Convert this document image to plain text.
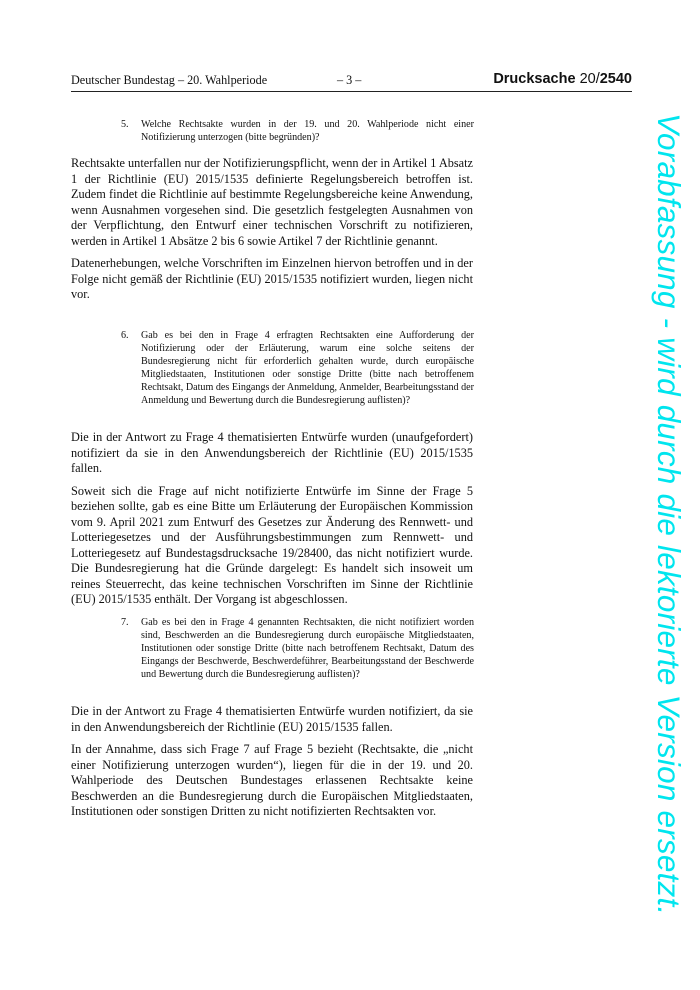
Deutscher Bundestag – 20. Wahlperiode	– 3 –	Drucksache 20/2540
5. Welche Rechtsakte wurden in der 19. und 20. Wahlperiode nicht einer Notifizierung unterzogen (bitte begründen)?

Rechtsakte unterfallen nur der Notifizierungspflicht, wenn der in Artikel 1 Absatz 1 der Richtlinie (EU) 2015/1535 definierte Regelungsbereich betroffen ist. Zudem findet die Richtlinie auf bestimmte Regelungsbereiche keine Anwendung, wenn Ausnahmen vorgesehen sind. Die gesetzlich festgelegten Ausnahmen von der Verpflichtung, den Entwurf einer technischen Vorschrift zu notifizieren, werden in Artikel 1 Absätze 2 bis 6 sowie Artikel 7 der Richtlinie genannt.

Datenerhebungen, welche Vorschriften im Einzelnen hiervon betroffen und in der Folge nicht gemäß der Richtlinie (EU) 2015/1535 notifiziert wurden, liegen nicht vor.

6. Gab es bei den in Frage 4 erfragten Rechtsakten eine Aufforderung der Notifizierung oder der Erläuterung, warum eine solche seitens der Bundesregierung nicht für erforderlich gehalten wurde, durch europäische Mitgliedstaaten, Institutionen oder sonstige Dritte (bitte nach betroffenem Rechtsakt, Datum des Eingangs der Anmeldung, Anmelder, Bearbeitungsstand der Anmeldung und Bewertung durch die Bundesregierung auflisten)?

Die in der Antwort zu Frage 4 thematisierten Entwürfe wurden (unaufgefordert) notifiziert da sie in den Anwendungsbereich der Richtlinie (EU) 2015/1535 fallen.

Soweit sich die Frage auf nicht notifizierte Entwürfe im Sinne der Frage 5 beziehen sollte, gab es eine Bitte um Erläuterung der Europäischen Kommission vom 9. April 2021 zum Entwurf des Gesetzes zur Änderung des Rennwett- und Lotteriegesetzes und der Ausführungsbestimmungen zum Rennwett- und Lotteriegesetz auf Bundestagsdrucksache 19/28400, das nicht notifiziert wurde. Die Bundesregierung hat die Gründe dargelegt: Es handelt sich insoweit um reines Steuerrecht, das keine technischen Vorschriften im Sinne der Richtlinie (EU) 2015/1535 enthält. Der Vorgang ist abgeschlossen.

7. Gab es bei den in Frage 4 genannten Rechtsakten, die nicht notifiziert worden sind, Beschwerden an die Bundesregierung durch europäische Mitgliedstaaten, Institutionen oder sonstige Dritte (bitte nach betroffenem Rechtsakt, Datum des Eingangs der Beschwerde, Beschwerdeführer, Bearbeitungsstand der Beschwerde und Bewertung durch die Bundesregierung auflisten)?

Die in der Antwort zu Frage 4 thematisierten Entwürfe wurden notifiziert, da sie in den Anwendungsbereich der Richtlinie (EU) 2015/1535 fallen.

In der Annahme, dass sich Frage 7 auf Frage 5 bezieht (Rechtsakte, die „nicht einer Notifizierung unterzogen wurden“), liegen für die in der 19. und 20. Wahlperiode des Deutschen Bundestages erlassenen Rechtsakte keine Beschwerden an die Bundesregierung durch die Europäischen Mitgliedstaaten, Institutionen oder sonstigen Dritten zu nicht notifizierten Rechtsakten vor.	Vorabfassung - wird durch die lektorierte Version ersetzt.
